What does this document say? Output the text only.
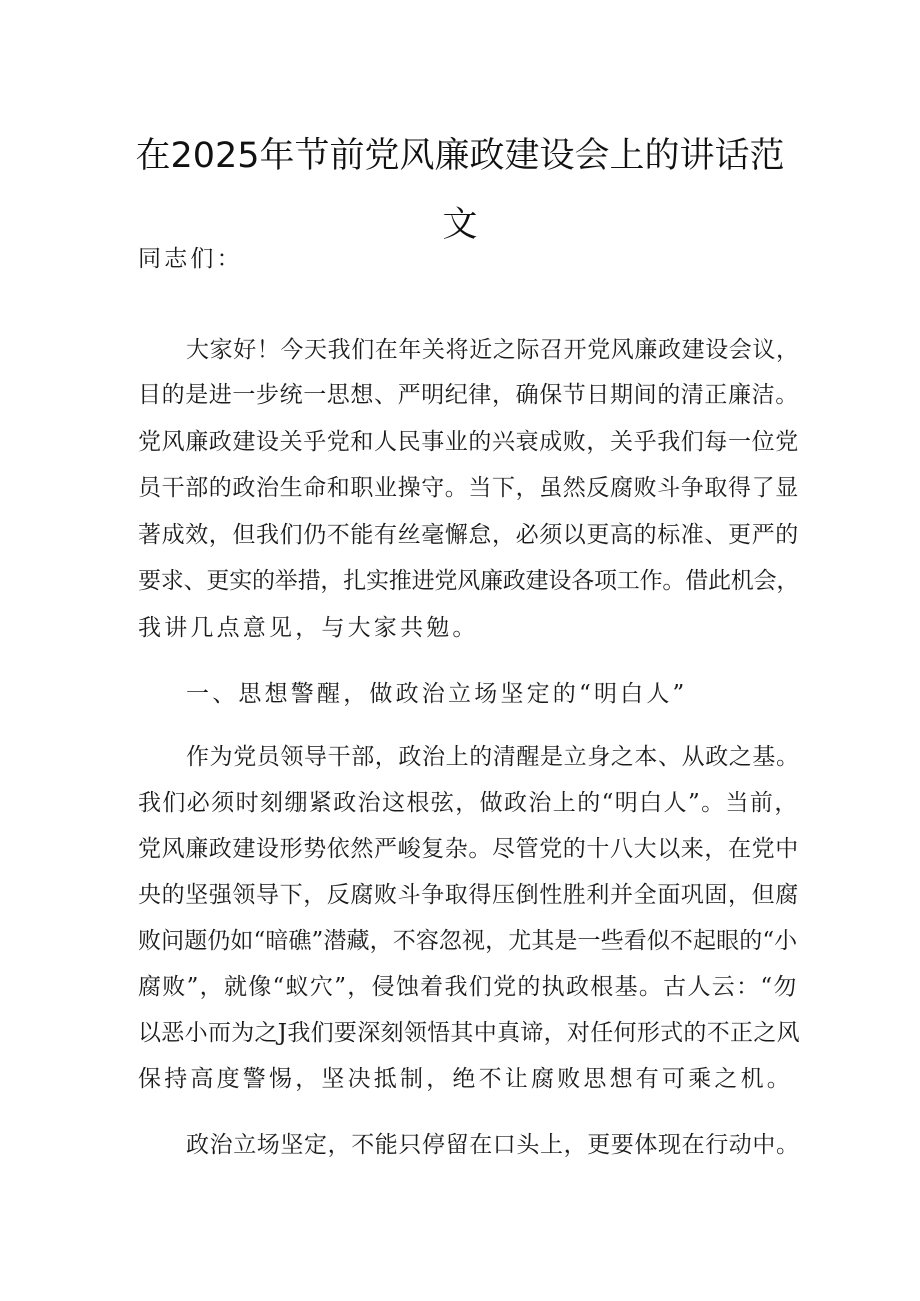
在2025年节前党风廉政建设会上的讲话范
文
同志们：
大家好！今天我们在年关将近之际召开党风廉政建设会议，
目的是进一步统一思想、严明纪律，确保节日期间的清正廉洁。
党风廉政建设关乎党和人民事业的兴衰成败，关乎我们每一位党
员干部的政治生命和职业操守。当下，虽然反腐败斗争取得了显
著成效，但我们仍不能有丝毫懈怠，必须以更高的标准、更严的
要求、更实的举措，扎实推进党风廉政建设各项工作。借此机会，
我讲几点意见，与大家共勉。
一、思想警醒，做政治立场坚定的“明白人”
作为党员领导干部，政治上的清醒是立身之本、从政之基。
我们必须时刻绷紧政治这根弦，做政治上的“明白人”。当前，
党风廉政建设形势依然严峻复杂。尽管党的十八大以来，在党中
央的坚强领导下，反腐败斗争取得压倒性胜利并全面巩固，但腐
败问题仍如“暗礁”潜藏，不容忽视，尤其是一些看似不起眼的“小
腐败”，就像“蚁穴”，侵蚀着我们党的执政根基。古人云：“勿
以恶小而为之J我们要深刻领悟其中真谛，对任何形式的不正之风
保持高度警惕，坚决抵制，绝不让腐败思想有可乘之机。
政治立场坚定，不能只停留在口头上，更要体现在行动中。
